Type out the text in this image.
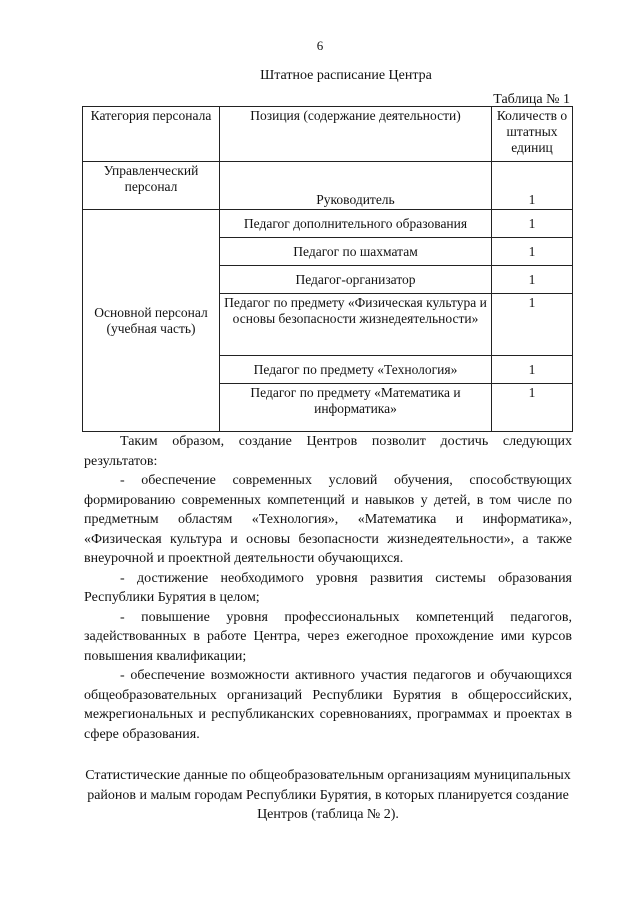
6
Штатное расписание Центра
Таблица № 1
Категория персонала	Позиция (содержание деятельности)	Количеств о штатных единиц
Управленческий персонал	Руководитель	1
Основной персонал (учебная часть)	Педагог дополнительного образования	1
	Педагог по шахматам	1
	Педагог-организатор	1
	Педагог по предмету «Физическая культура и основы безопасности жизнедеятельности»	1
	Педагог по предмету «Технология»	1
	Педагог по предмету «Математика и информатика»	1

Таким образом, создание Центров позволит достичь следующих результатов:

- обеспечение современных условий обучения, способствующих формированию современных компетенций и навыков у детей, в том числе по предметным областям «Технология», «Математика и информатика», «Физическая культура и основы безопасности жизнедеятельности», а также внеурочной и проектной деятельности обучающихся.

- достижение необходимого уровня развития системы образования Республики Бурятия в целом;

- повышение уровня профессиональных компетенций педагогов, задействованных в работе Центра, через ежегодное прохождение ими курсов повышения квалификации;

- обеспечение возможности активного участия педагогов и обучающихся общеобразовательных организаций Республики Бурятия в общероссийских, межрегиональных и республиканских соревнованиях, программах и проектах в сфере образования.

Статистические данные по общеобразовательным организациям муниципальных районов и малым городам Республики Бурятия, в которых планируется создание Центров (таблица № 2).
